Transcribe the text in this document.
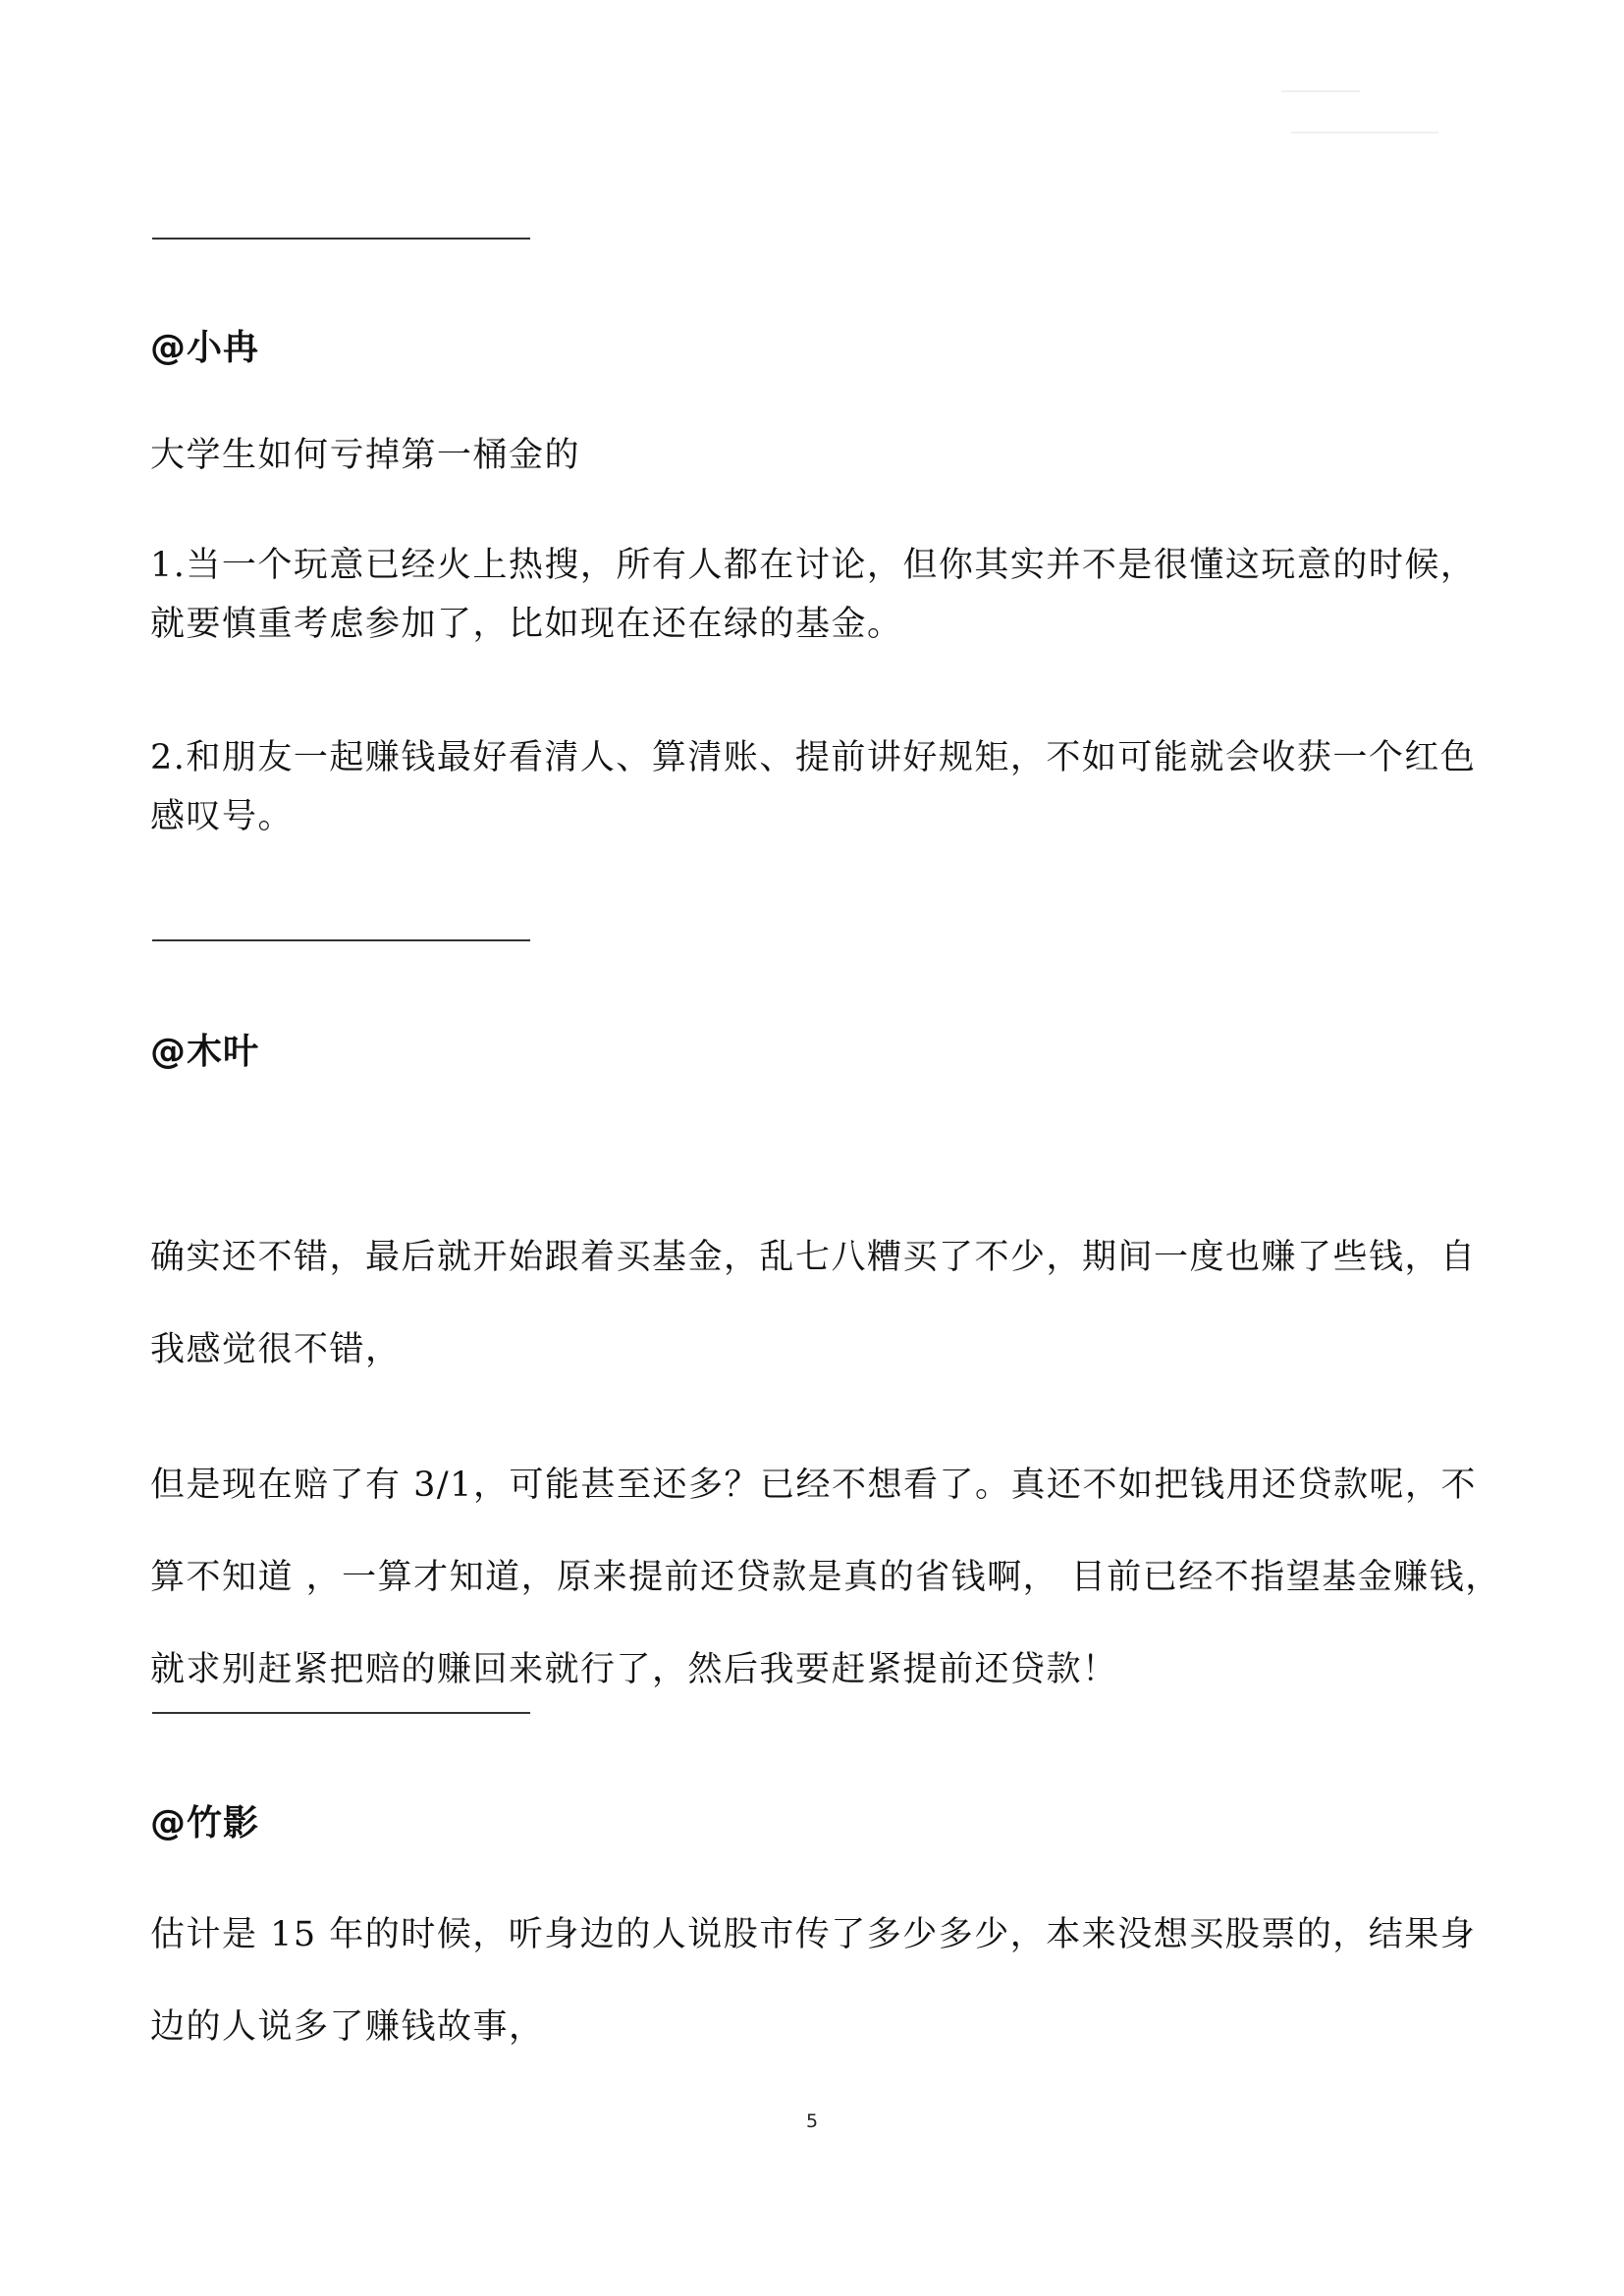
@小冉

大学生如何亏掉第一桶金的

1.当一个玩意已经火上热搜，所有人都在讨论，但你其实并不是很懂这玩意的时候，就要慎重考虑参加了，比如现在还在绿的基金。

2.和朋友一起赚钱最好看清人、算清账、提前讲好规矩，不如可能就会收获一个红色感叹号。

@木叶

确实还不错，最后就开始跟着买基金，乱七八糟买了不少，期间一度也赚了些钱，自我感觉很不错，

但是现在赔了有 3/1，可能甚至还多？已经不想看了。真还不如把钱用还贷款呢，不算不知道 ，一算才知道，原来提前还贷款是真的省钱啊， 目前已经不指望基金赚钱，就求别赶紧把赔的赚回来就行了，然后我要赶紧提前还贷款！

@竹影

估计是 15 年的时候，听身边的人说股市传了多少多少，本来没想买股票的，结果身边的人说多了赚钱故事，

5
